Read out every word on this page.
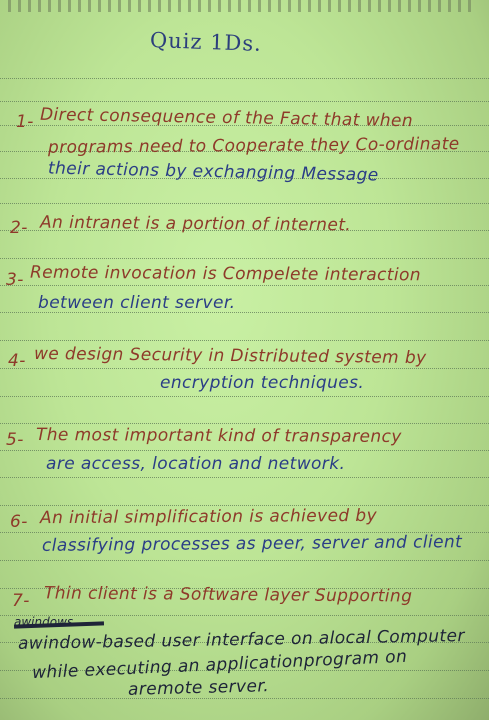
Quiz 1Ds.
1- Direct consequence of the Fact that when
programs need to Cooperate they Co-ordinate
their actions by exchanging Message
2- An intranet is a portion of internet.
3- Remote invocation is Compelete interaction
between client server.
4- we design Security in Distributed system by
encryption techniques.
5- The most important kind of transparency
are access, location and network.
6- An initial simplification is achieved by
classifying processes as peer, server and client
7- Thin client is a Software layer Supporting
awindows
awindow-based user interface on alocal Computer
while executing an applicationprogram on
aremote server.
